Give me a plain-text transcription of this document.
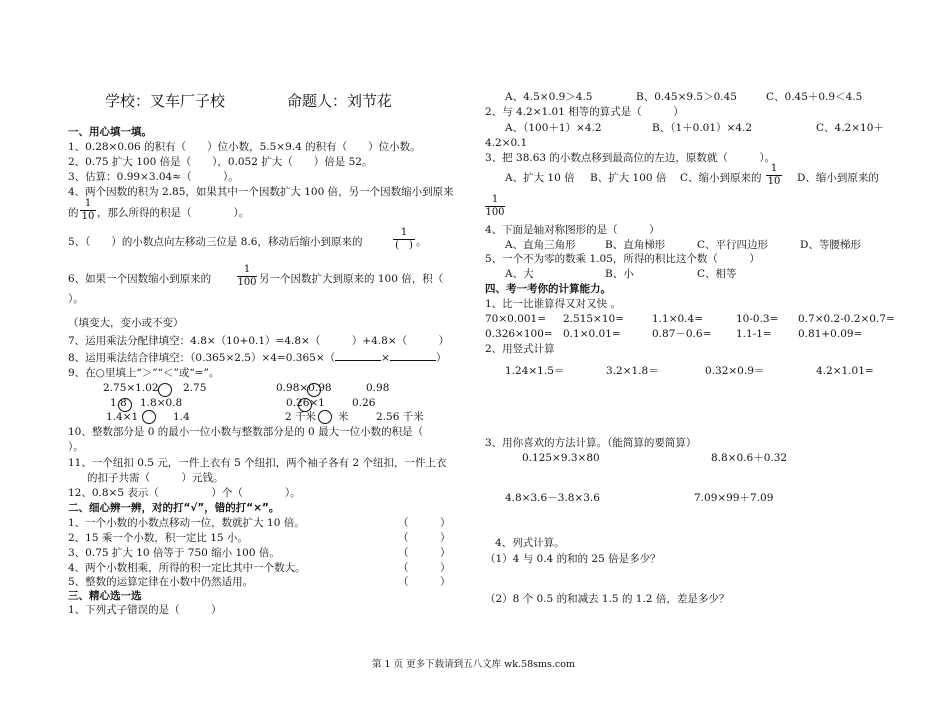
学校：叉车厂子校	命题人：刘节花
一、用心填一填。
1、0.28×0.06 的积有（　　）位小数，5.5×9.4 的积有（　　）位小数。
2、0.75 扩大 100 倍是（　　），0.052 扩大（　　）倍是 52。
3、估算：0.99×3.04≈（　　　）。
4、两个因数的积为 2.85，如果其中一个因数扩大 100 倍，另一个因数缩小到原来
的 $\frac{1}{10}$ ，那么所得的积是（　　　　）。
5、（　　）的小数点向左移动三位是 8.6，移动后缩小到原来的
1
(　) 。
6、如果一个因数缩小到原来的	$\frac{1}{100}$ 另一个因数扩大到原来的 100 倍，积（
）。
（填变大，变小或不变）
7、运用乘法分配律填空：4.8×（10+0.1）=4.8×（　　　）+4.8×（　　　）
8、运用乘法结合律填空：（0.365×2.5）×4=0.365×（	×	）
9、在○里填上“＞”“＜”或“=”。
2.75×1.02 2.75	0.98×0.98	0.98
1.8 1.8×0.8	0.26×1	0.26
1.4×1	1.4	2 千米 米	2.56 千米
10、整数部分是 0 的最小一位小数与整数部分是的 0 最大一位小数的积是（
）。
11、一个纽扣 0.5 元，一件上衣有 5 个纽扣，两个袖子各有 2 个纽扣，一件上衣
的扣子共需（　　　）元钱。
12、0.8×5 表示（　　　　　）个（　　　　）。
二、细心辨一辨，对的打“√”，错的打“×”。
1、一个小数的小数点移动一位，数就扩大 10 倍。	（　　　）
2、15 乘一个小数，积一定比 15 小。	（　　　）
3、0.75 扩大 10 倍等于 750 缩小 100 倍。	（　　　）
4、两个小数相乘，所得的积一定比其中一个数大。	（　　　）
5、整数的运算定律在小数中仍然适用。	（　　　）
三、精心选一选
1、下列式子错误的是（　　　）
A、4.5×0.9＞4.5	B、0.45×9.5＞0.45	C、0.45＋0.9＜4.5
2、与 4.2×1.01 相等的算式是（　　　）
A、（100＋1）×4.2	B、（1＋0.01）×4.2	C、4.2×10＋
4.2×0.1
3、把 38.63 的小数点移到最高位的左边，原数就（　　　）。
A、扩大 10 倍 B、扩大 100 倍 C、缩小到原来的 $\frac{1}{10}$ D、缩小到原来的
$\frac{1}{100}$
4、下面是轴对称图形的是（　　　）
A、直角三角形	B、直角梯形	C、平行四边形	D、等腰梯形
5、一个不为零的数乘 1.05，所得的积比这个数（　　　）
A、大	B、小	C、相等
四、考一考你的计算能力。
1、比一比谁算得又对又快 。
70×0.001= 2.515×10=	1.1×0.4=	10-0.3= 0.7×0.2-0.2×0.7=
0.326×100= 0.1×0.01=	0.87－0.6= 1.1-1=	0.81+0.09=
2、用竖式计算
1.24×1.5＝	3.2×1.8＝	0.32×0.9＝	4.2×1.01=
3、用你喜欢的方法计算。（能简算的要简算）
0.125×9.3×80	8.8×0.6＋0.32
4.8×3.6－3.8×3.6	7.09×99＋7.09
4、列式计算。
（1）4 与 0.4 的和的 25 倍是多少？
（2）8 个 0.5 的和减去 1.5 的 1.2 倍，差是多少？
第 1 页 更多下载请到五八文库 wk.58sms.com
